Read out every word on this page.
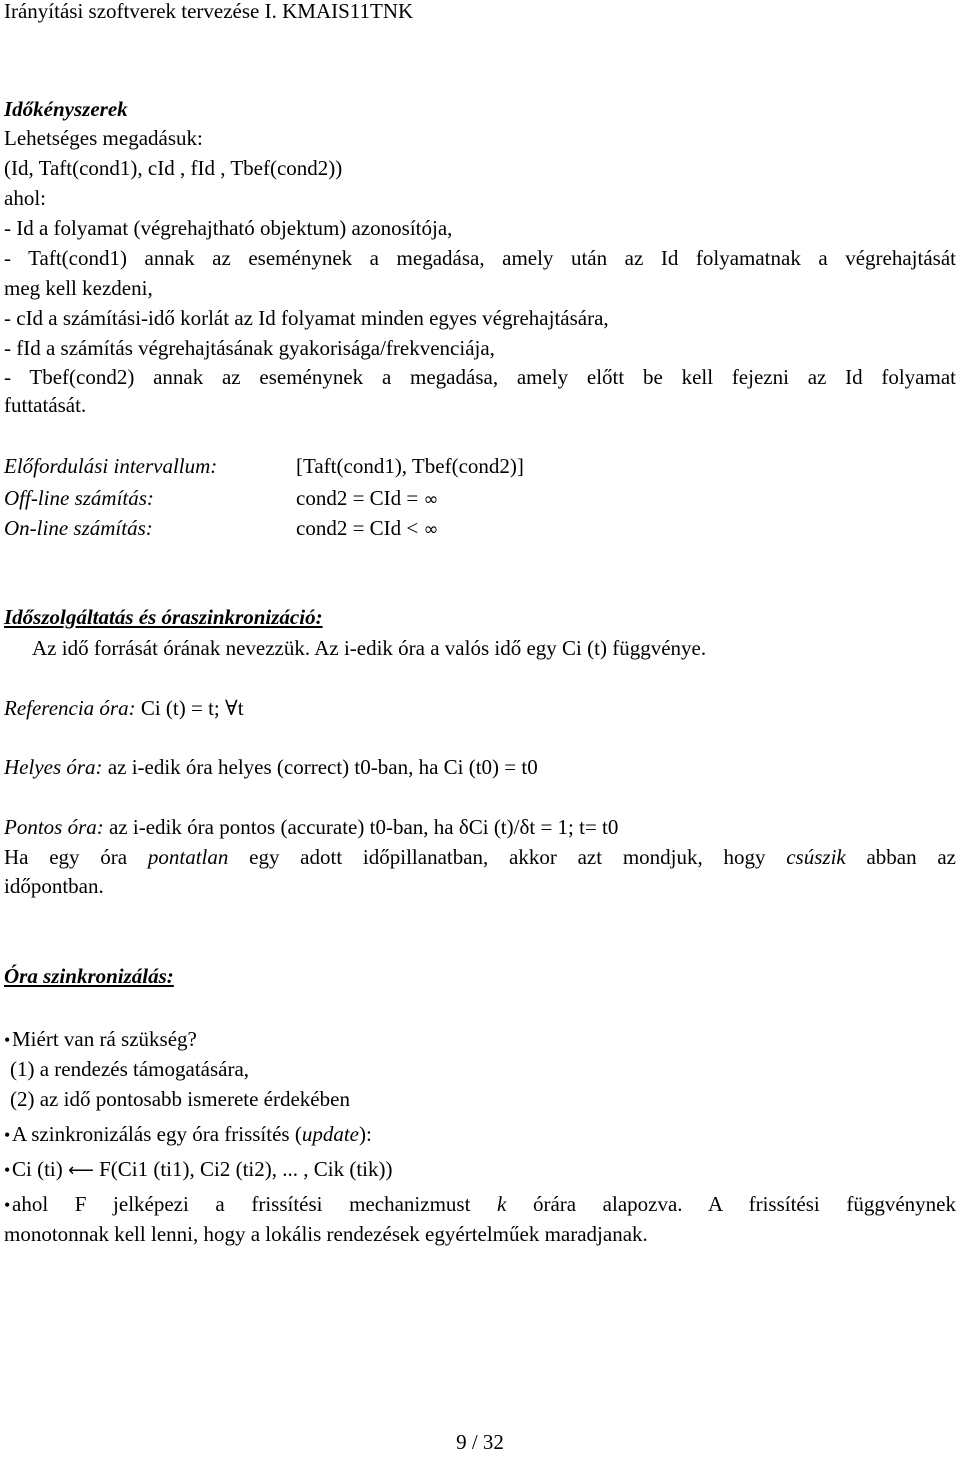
Irányítási szoftverek tervezése I. KMAIS11TNK
Időkényszerek
Lehetséges megadásuk:
(Id, Taft(cond1), cId , fId , Tbef(cond2))
ahol:
- Id a folyamat (végrehajtható objektum) azonosítója,
- Taft(cond1) annak az eseménynek a megadása, amely után az Id folyamatnak a végrehajtását
meg kell kezdeni,
- cId a számítási-idő korlát az Id folyamat minden egyes végrehajtására,
- fId a számítás végrehajtásának gyakorisága/frekvenciája,
- Tbef(cond2) annak az eseménynek a megadása, amely előtt be kell fejezni az Id folyamat
futtatását.
Előfordulási intervallum:	[Taft(cond1), Tbef(cond2)]
Off-line számítás:	cond2 = CId = ∞
On-line számítás:	cond2 = CId < ∞
Időszolgáltatás és óraszinkronizáció:
Az idő forrását órának nevezzük. Az i-edik óra a valós idő egy Ci (t) függvénye.
Referencia óra: Ci (t) = t; ∀t
Helyes óra: az i-edik óra helyes (correct) t0-ban, ha Ci (t0) = t0
Pontos óra: az i-edik óra pontos (accurate) t0-ban, ha δCi (t)/δt = 1; t= t0
Ha egy óra pontatlan egy adott időpillanatban, akkor azt mondjuk, hogy csúszik abban az
időpontban.
Óra szinkronizálás:
•Miért van rá szükség?
(1) a rendezés támogatására,
(2) az idő pontosabb ismerete érdekében
•A szinkronizálás egy óra frissítés (update):
•Ci (ti) ⟵ F(Ci1 (ti1), Ci2 (ti2), ... , Cik (tik))
•ahol F jelképezi a frissítési mechanizmust k órára alapozva. A frissítési függvénynek
monotonnak kell lenni, hogy a lokális rendezések egyértelműek maradjanak.
9 / 32
